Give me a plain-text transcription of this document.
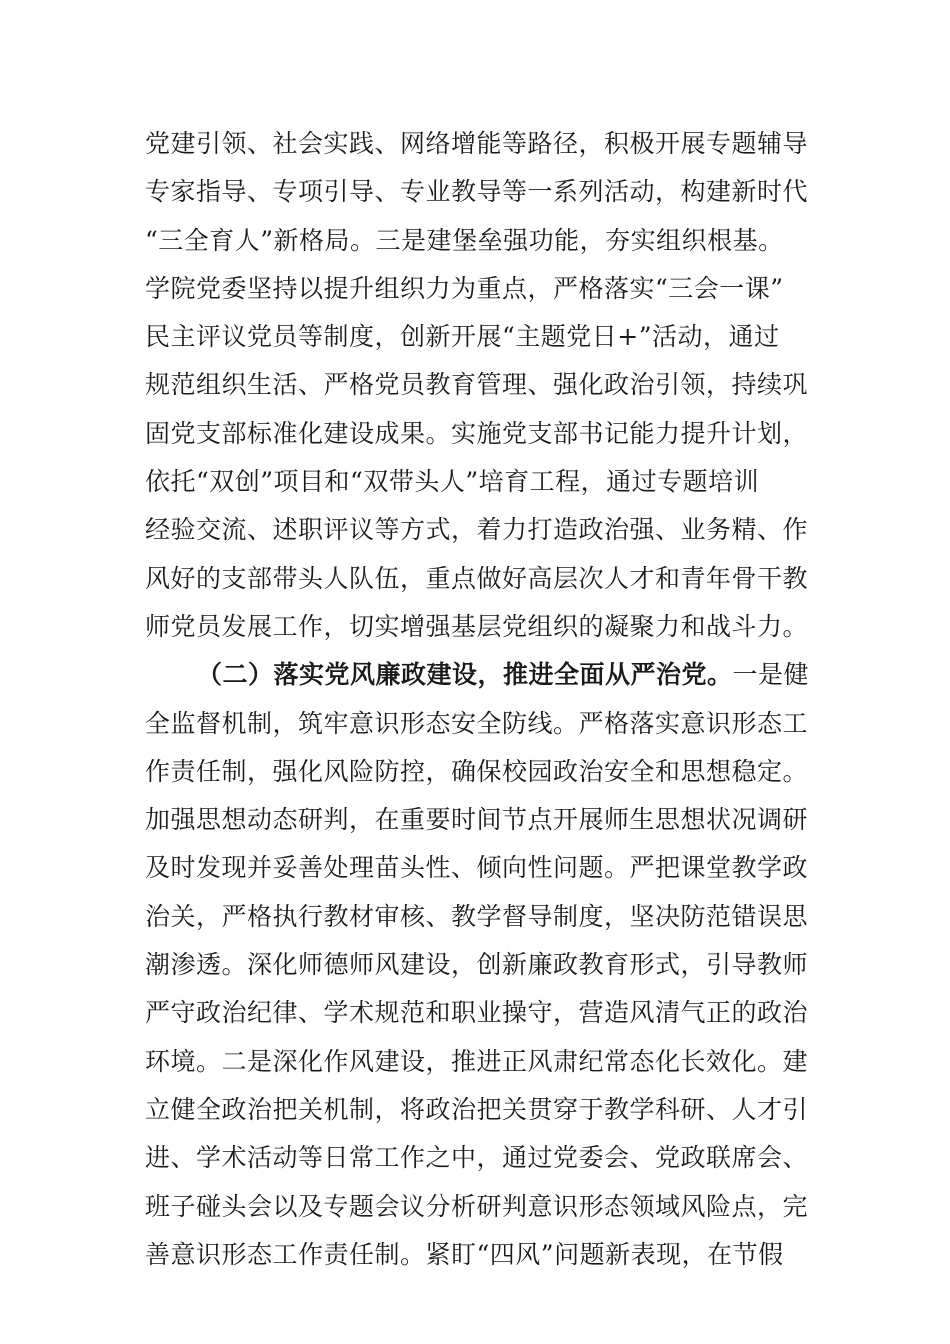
党建引领、社会实践、网络增能等路径，积极开展专题辅导
专家指导、专项引导、专业教导等一系列活动，构建新时代
“三全育人”新格局。三是建堡垒强功能，夯实组织根基。
学院党委坚持以提升组织力为重点，严格落实“三会一课”
民主评议党员等制度，创新开展“主题党日+”活动，通过
规范组织生活、严格党员教育管理、强化政治引领，持续巩
固党支部标准化建设成果。实施党支部书记能力提升计划，
依托“双创”项目和“双带头人”培育工程，通过专题培训
经验交流、述职评议等方式，着力打造政治强、业务精、作
风好的支部带头人队伍，重点做好高层次人才和青年骨干教
师党员发展工作，切实增强基层党组织的凝聚力和战斗力。
（二）落实党风廉政建设，推进全面从严治党。一是健
全监督机制，筑牢意识形态安全防线。严格落实意识形态工
作责任制，强化风险防控，确保校园政治安全和思想稳定。
加强思想动态研判，在重要时间节点开展师生思想状况调研
及时发现并妥善处理苗头性、倾向性问题。严把课堂教学政
治关，严格执行教材审核、教学督导制度，坚决防范错误思
潮渗透。深化师德师风建设，创新廉政教育形式，引导教师
严守政治纪律、学术规范和职业操守，营造风清气正的政治
环境。二是深化作风建设，推进正风肃纪常态化长效化。建
立健全政治把关机制，将政治把关贯穿于教学科研、人才引
进、学术活动等日常工作之中，通过党委会、党政联席会、
班子碰头会以及专题会议分析研判意识形态领域风险点，完
善意识形态工作责任制。紧盯“四风”问题新表现，在节假
